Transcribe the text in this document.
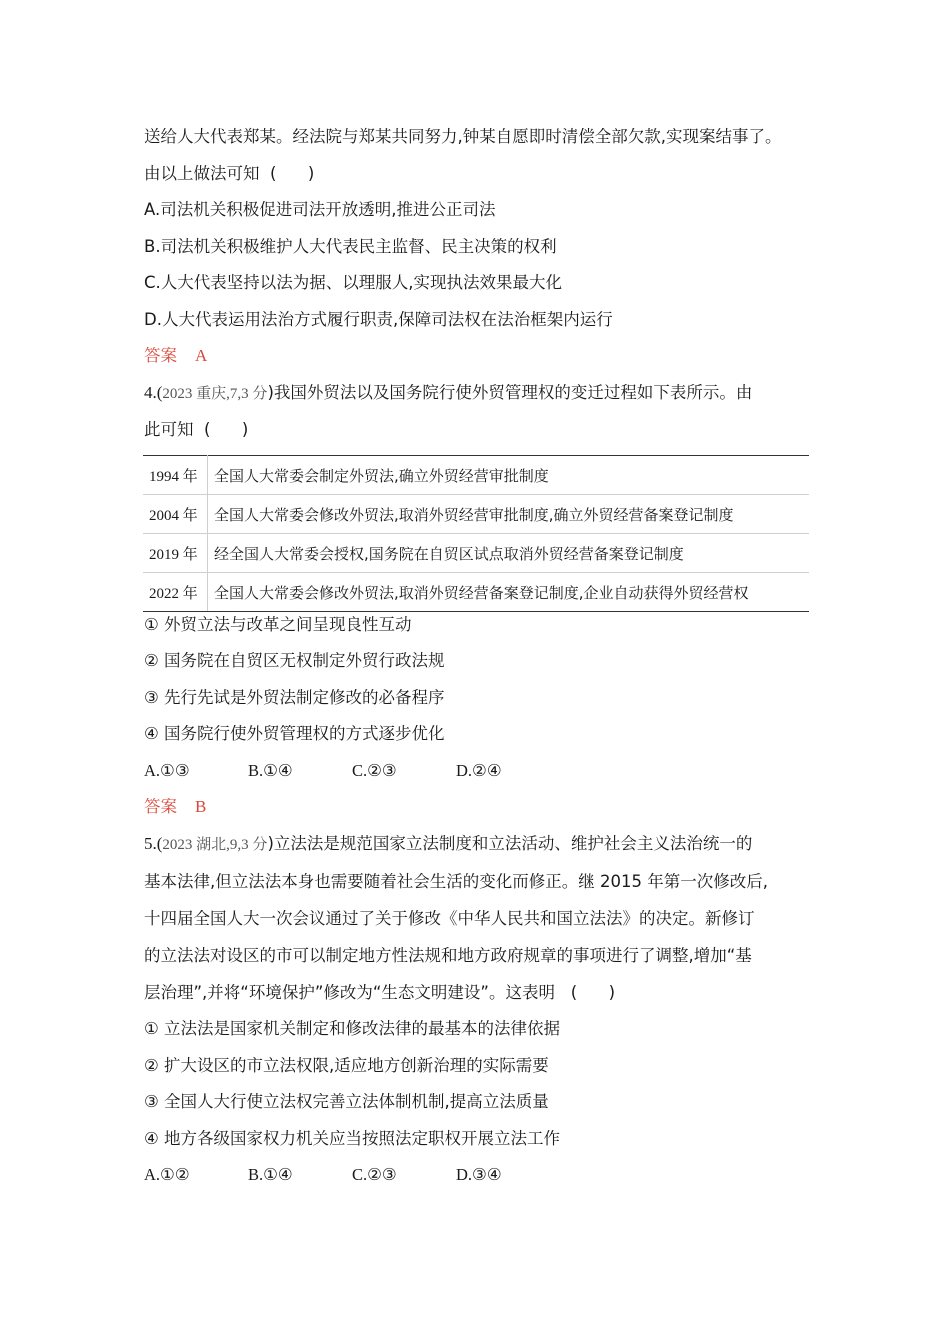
送给人大代表郑某。经法院与郑某共同努力,钟某自愿即时清偿全部欠款,实现案结事了。
由以上做法可知  (      )
A.司法机关积极促进司法开放透明,推进公正司法
B.司法机关积极维护人大代表民主监督、民主决策的权利
C.人大代表坚持以法为据、以理服人,实现执法效果最大化
D.人大代表运用法治方式履行职责,保障司法权在法治框架内运行
答案 A
4.(2023 重庆,7,3 分)我国外贸法以及国务院行使外贸管理权的变迁过程如下表所示。由
此可知  (      )
1994 年	全国人大常委会制定外贸法,确立外贸经营审批制度
2004 年	全国人大常委会修改外贸法,取消外贸经营审批制度,确立外贸经营备案登记制度
2019 年	经全国人大常委会授权,国务院在自贸区试点取消外贸经营备案登记制度
2022 年	全国人大常委会修改外贸法,取消外贸经营备案登记制度,企业自动获得外贸经营权
① 外贸立法与改革之间呈现良性互动
② 国务院在自贸区无权制定外贸行政法规
③ 先行先试是外贸法制定修改的必备程序
④ 国务院行使外贸管理权的方式逐步优化
A.①③	B.①④	C.②③	D.②④
答案 B
5.(2023 湖北,9,3 分)立法法是规范国家立法制度和立法活动、维护社会主义法治统一的
基本法律,但立法法本身也需要随着社会生活的变化而修正。继 2015 年第一次修改后,
十四届全国人大一次会议通过了关于修改《中华人民共和国立法法》的决定。新修订
的立法法对设区的市可以制定地方性法规和地方政府规章的事项进行了调整,增加“基
层治理”,并将“环境保护”修改为“生态文明建设”。这表明   (      )
① 立法法是国家机关制定和修改法律的最基本的法律依据
② 扩大设区的市立法权限,适应地方创新治理的实际需要
③ 全国人大行使立法权完善立法体制机制,提高立法质量
④ 地方各级国家权力机关应当按照法定职权开展立法工作
A.①②	B.①④	C.②③	D.③④
